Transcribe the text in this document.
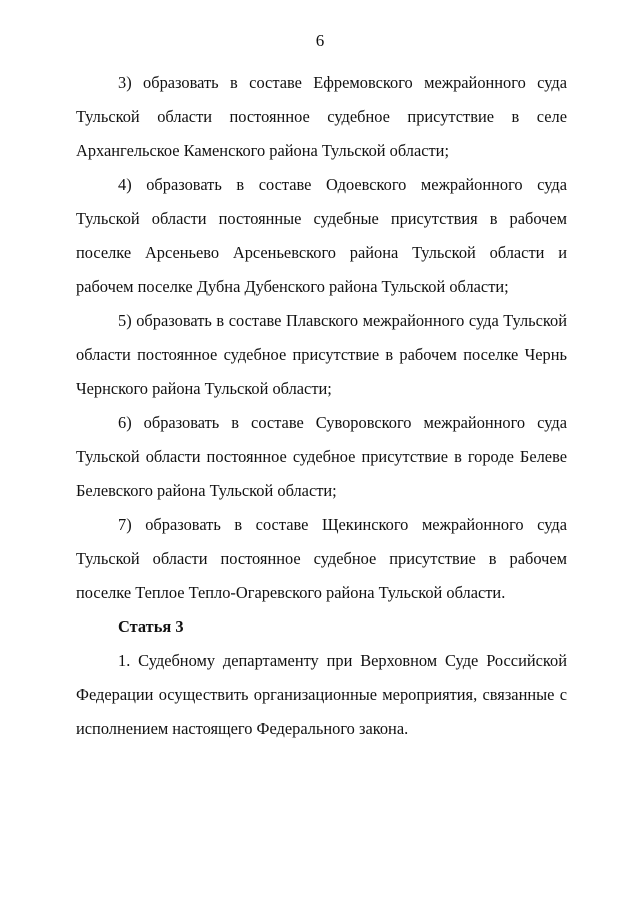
6

3) образовать в составе Ефремовского межрайонного суда Тульской области постоянное судебное присутствие в селе Архангельское Каменского района Тульской области;

4) образовать в составе Одоевского межрайонного суда Тульской области постоянные судебные присутствия в рабочем поселке Арсеньево Арсеньевского района Тульской области и рабочем поселке Дубна Дубенского района Тульской области;

5) образовать в составе Плавского межрайонного суда Тульской области постоянное судебное присутствие в рабочем поселке Чернь Чернского района Тульской области;

6) образовать в составе Суворовского межрайонного суда Тульской области постоянное судебное присутствие в городе Белеве Белевского района Тульской области;

7) образовать в составе Щекинского межрайонного суда Тульской области постоянное судебное присутствие в рабочем поселке Теплое Тепло-Огаревского района Тульской области.

Статья 3

1. Судебному департаменту при Верховном Суде Российской Федерации осуществить организационные мероприятия, связанные с исполнением настоящего Федерального закона.
